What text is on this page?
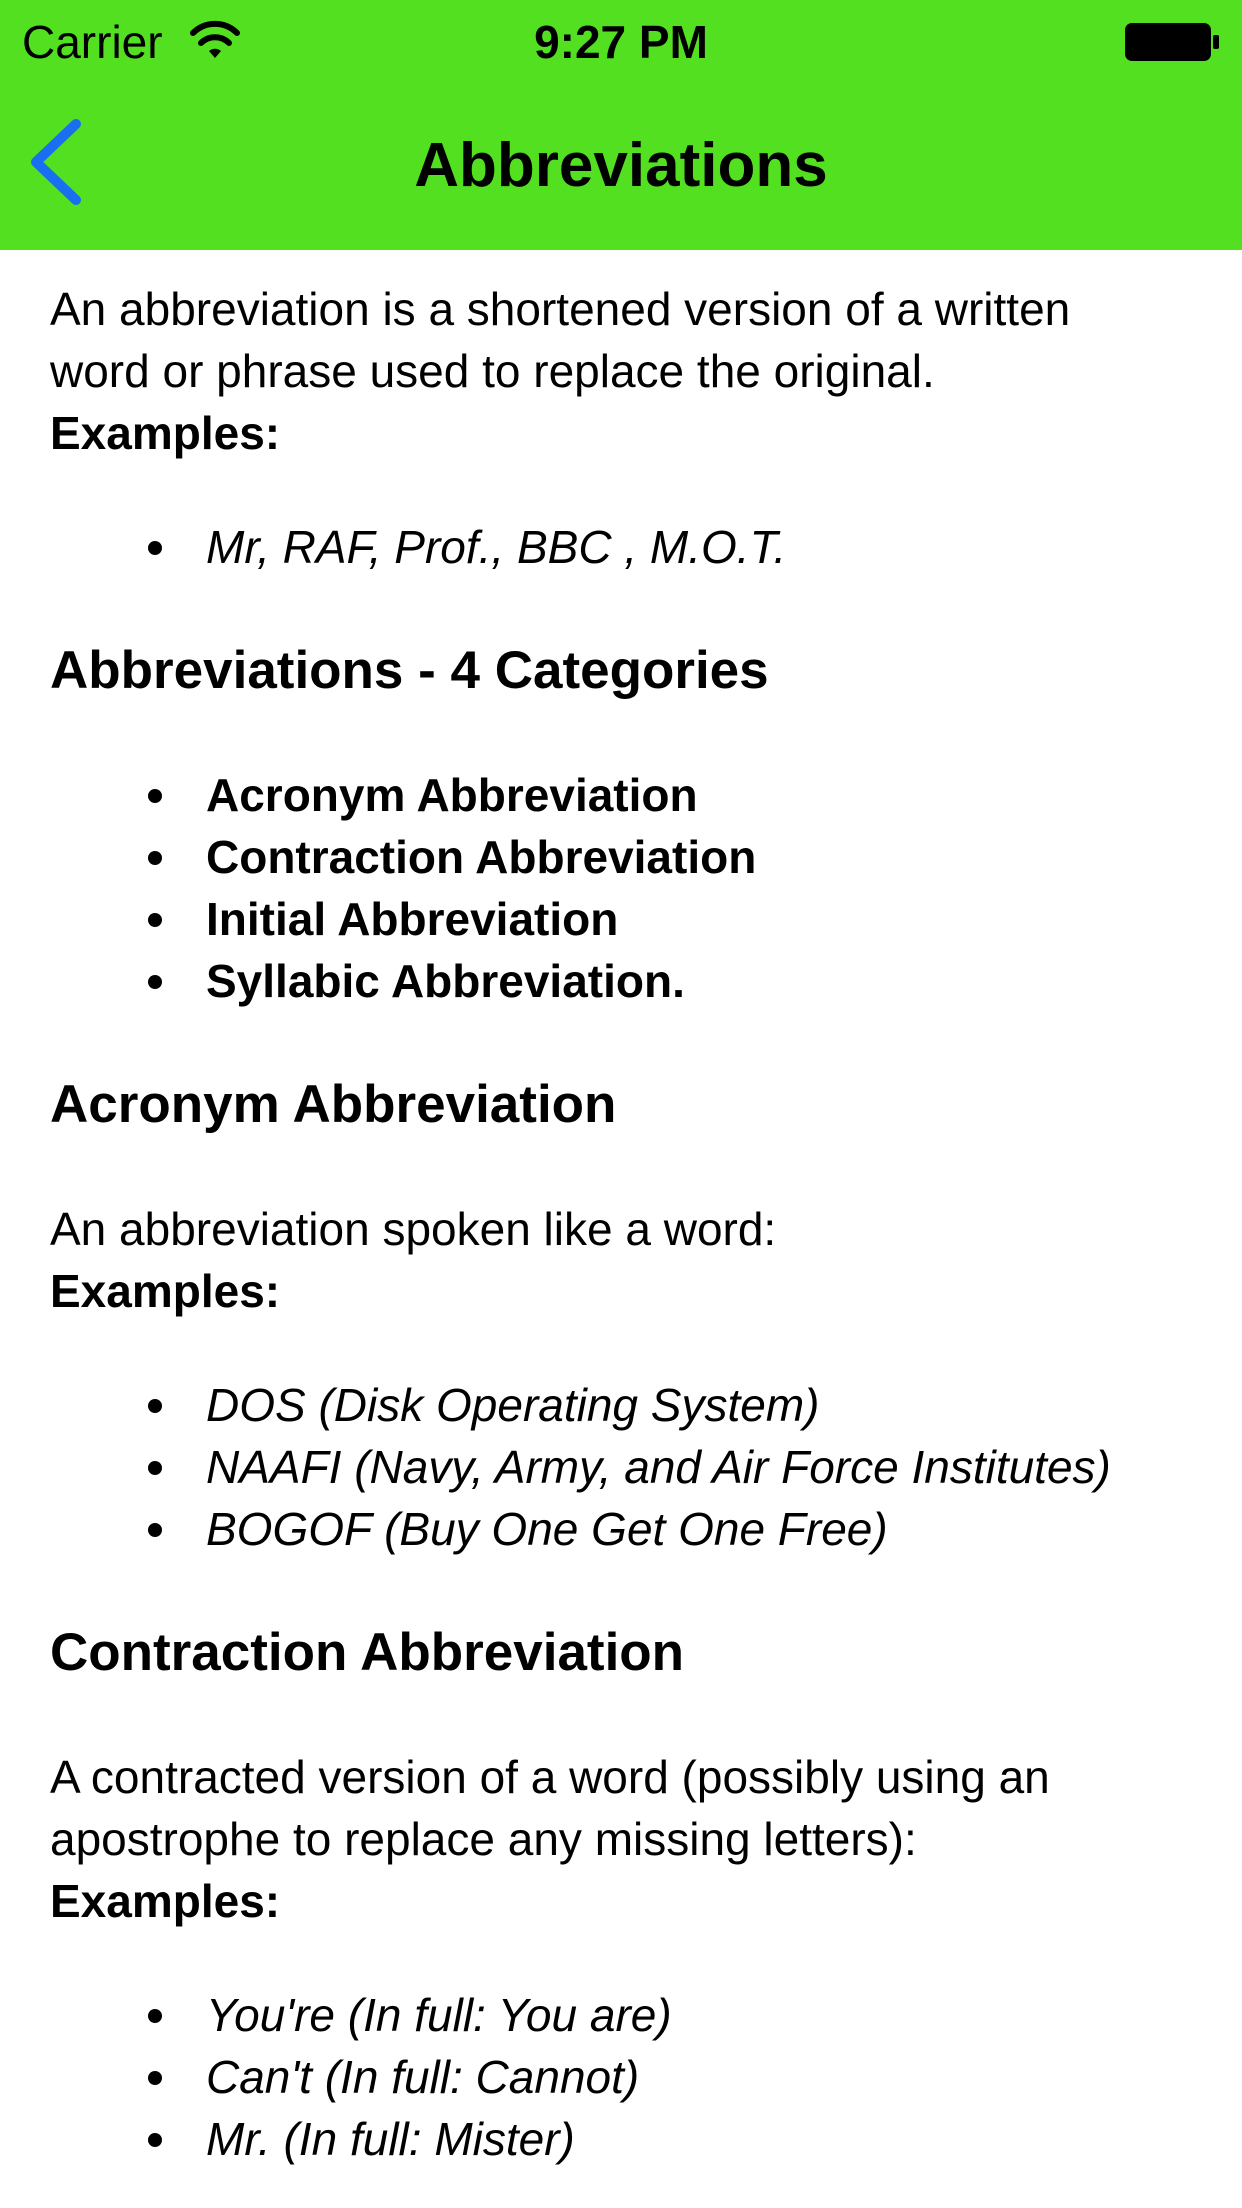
Carrier	9:27 PM
Abbreviations

An abbreviation is a shortened version of a written
word or phrase used to replace the original.
Examples:

Mr, RAF, Prof., BBC , M.O.T.
Abbreviations - 4 Categories
Acronym Abbreviation
Contraction Abbreviation
Initial Abbreviation
Syllabic Abbreviation.
Acronym Abbreviation

An abbreviation spoken like a word:
Examples:

DOS (Disk Operating System)
NAAFI (Navy, Army, and Air Force Institutes)
BOGOF (Buy One Get One Free)
Contraction Abbreviation

A contracted version of a word (possibly using an
apostrophe to replace any missing letters):
Examples:

You're (In full: You are)
Can't (In full: Cannot)
Mr. (In full: Mister)
